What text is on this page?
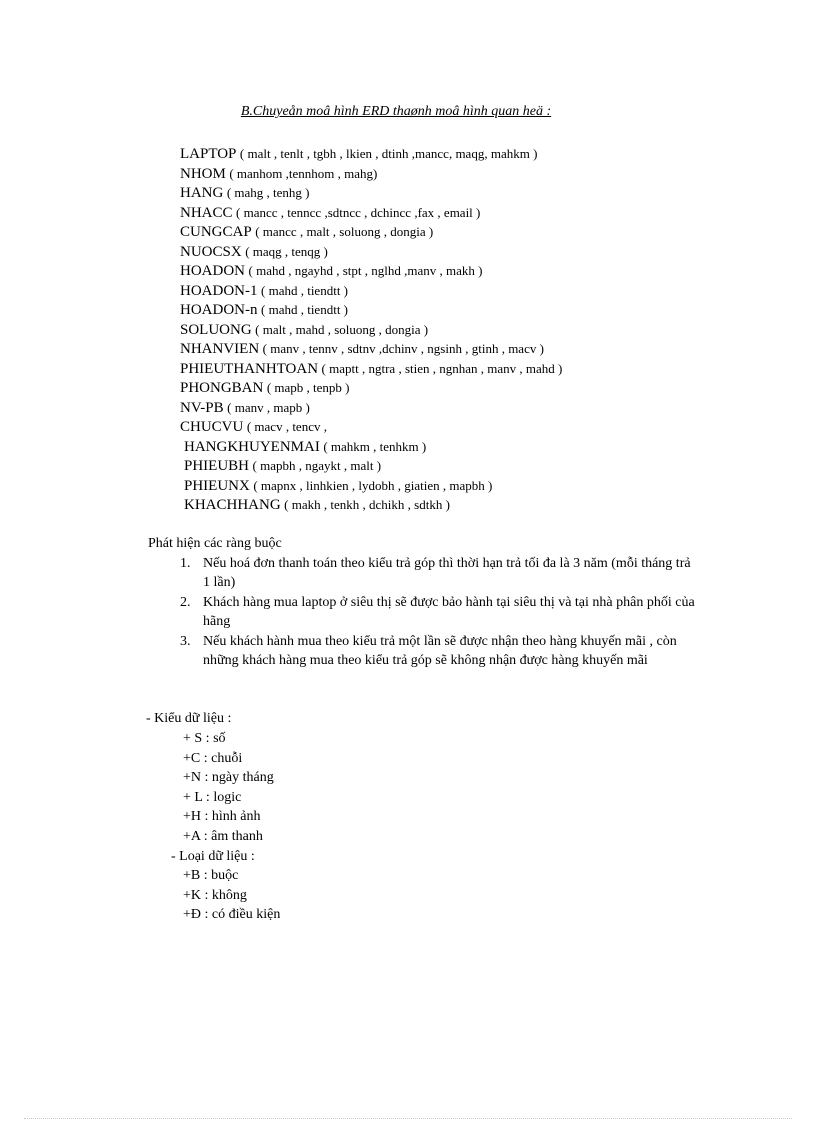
B.Chuyeån moâ hình ERD thaønh moâ hình quan heä :
LAPTOP ( malt , tenlt , tgbh , lkien , dtinh ,mancc, maqg, mahkm )
NHOM ( manhom ,tennhom , mahg)
HANG ( mahg , tenhg )
NHACC ( mancc , tenncc ,sdtncc , dchincc ,fax , email )
CUNGCAP ( mancc , malt , soluong , dongia )
NUOCSX ( maqg , tenqg )
HOADON ( mahd , ngayhd , stpt , nglhd ,manv , makh )
HOADON-1 ( mahd , tiendtt )
HOADON-n ( mahd , tiendtt )
SOLUONG ( malt , mahd , soluong , dongia )
NHANVIEN ( manv , tennv , sdtnv ,dchinv , ngsinh , gtinh , macv )
PHIEUTHANHTOAN ( maptt , ngtra , stien , ngnhan , manv , mahd )
PHONGBAN ( mapb , tenpb )
NV-PB ( manv , mapb )
CHUCVU ( macv , tencv ,
HANGKHUYENMAI ( mahkm , tenhkm )
PHIEUBH ( mapbh , ngaykt , malt )
PHIEUNX ( mapnx , linhkien , lydobh , giatien , mapbh )
KHACHHANG ( makh , tenkh , dchikh , sdtkh )
Phát hiện các ràng buộc
1. Nếu hoá đơn thanh toán theo kiểu trả góp thì thời hạn trả tối đa là 3 năm (mỗi tháng trả 1 lần)
2. Khách hàng mua laptop ở siêu thị sẽ được bảo hành tại siêu thị và tại nhà phân phối của hãng
3. Nếu khách hành mua theo kiểu trả một lần sẽ được nhận theo hàng khuyến mãi , còn những khách hàng mua theo kiểu trả góp sẽ không nhận được hàng khuyến mãi
- Kiểu dữ liệu :
+ S : số
+C : chuỗi
+N : ngày tháng
+ L : logic
+H : hình ảnh
+A : âm thanh
- Loại dữ liệu :
+B : buộc
+K : không
+Đ : có điều kiện
